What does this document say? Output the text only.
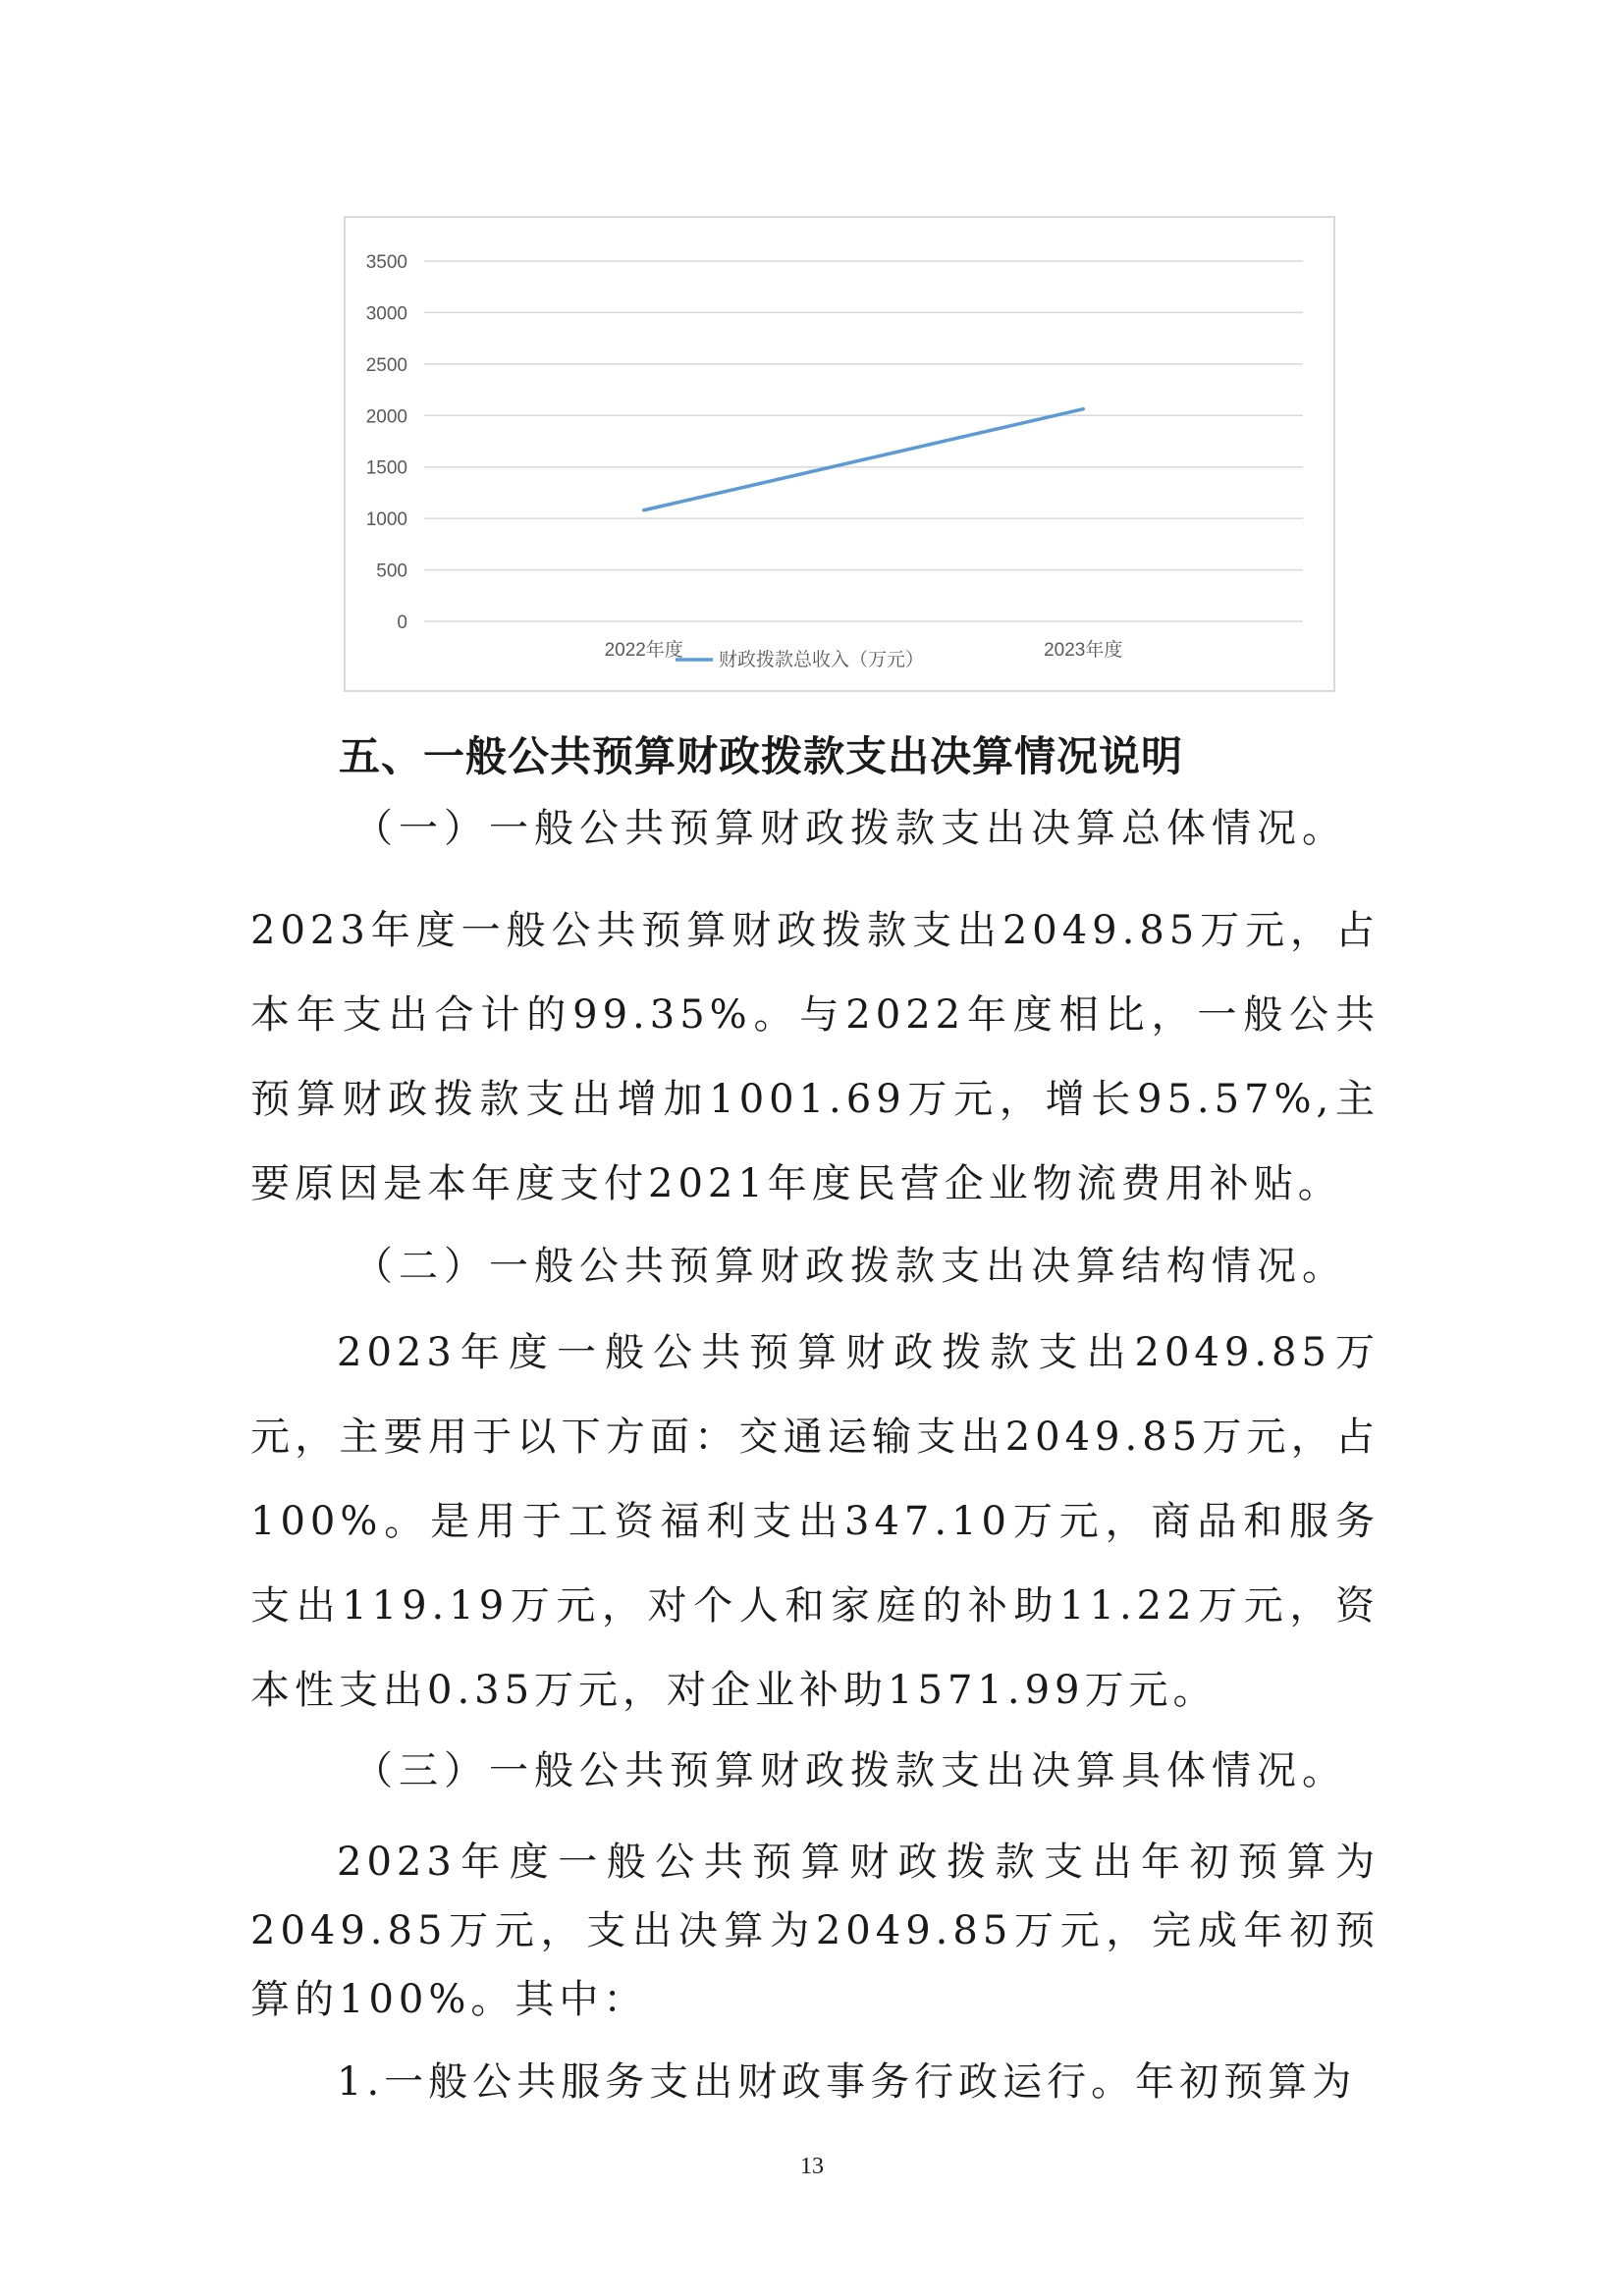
0
500
1000
1500
2000
2500
3000
3500
2022年度	2023年度
财政拨款总收入（万元）
五、一般公共预算财政拨款支出决算情况说明
（一）一般公共预算财政拨款支出决算总体情况。
2023年度一般公共预算财政拨款支出2049.85万元，占本年支出合计的99.35%。与2022年度相比，一般公共预算财政拨款支出增加1001.69万元，增长95.57%,主要原因是本年度支付2021年度民营企业物流费用补贴。
（二）一般公共预算财政拨款支出决算结构情况。
2023年度一般公共预算财政拨款支出2049.85万元，主要用于以下方面：交通运输支出2049.85万元，占100%。是用于工资福利支出347.10万元，商品和服务支出119.19万元，对个人和家庭的补助11.22万元，资本性支出0.35万元，对企业补助1571.99万元。
（三）一般公共预算财政拨款支出决算具体情况。
2023年度一般公共预算财政拨款支出年初预算为2049.85万元，支出决算为2049.85万元，完成年初预算的100%。其中：
1.一般公共服务支出财政事务行政运行。年初预算为
13
